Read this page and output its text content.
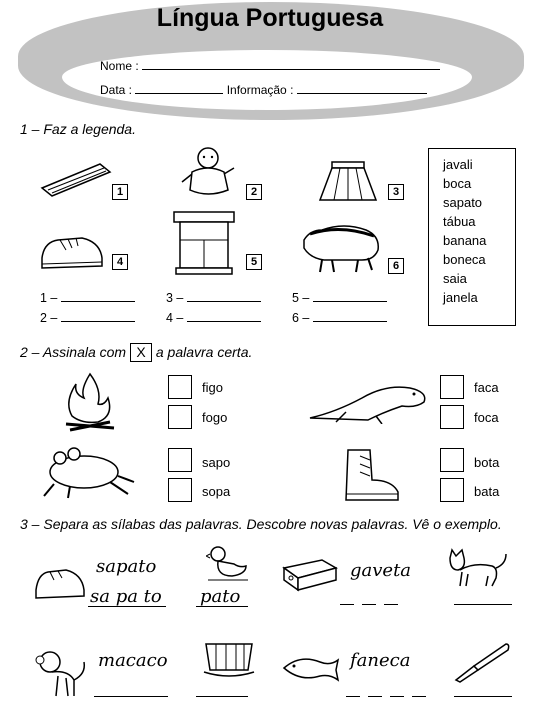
Língua Portuguesa
Nome :
Data :	Informação :
1 – Faz a legenda.
1	2	3
4	5	6
1 –
2 –
3 –
4 –
5 –
6 –
javali
boca
sapato
tábua
banana
boneca
saia
janela
2 – Assinala com X a palavra certa.
figo
fogo
faca
foca
sapo
sopa
bota
bata
3 – Separa as sílabas das palavras. Descobre novas palavras. Vê o exemplo.
sapato
sa pa to pato
gaveta
macaco	faneca
